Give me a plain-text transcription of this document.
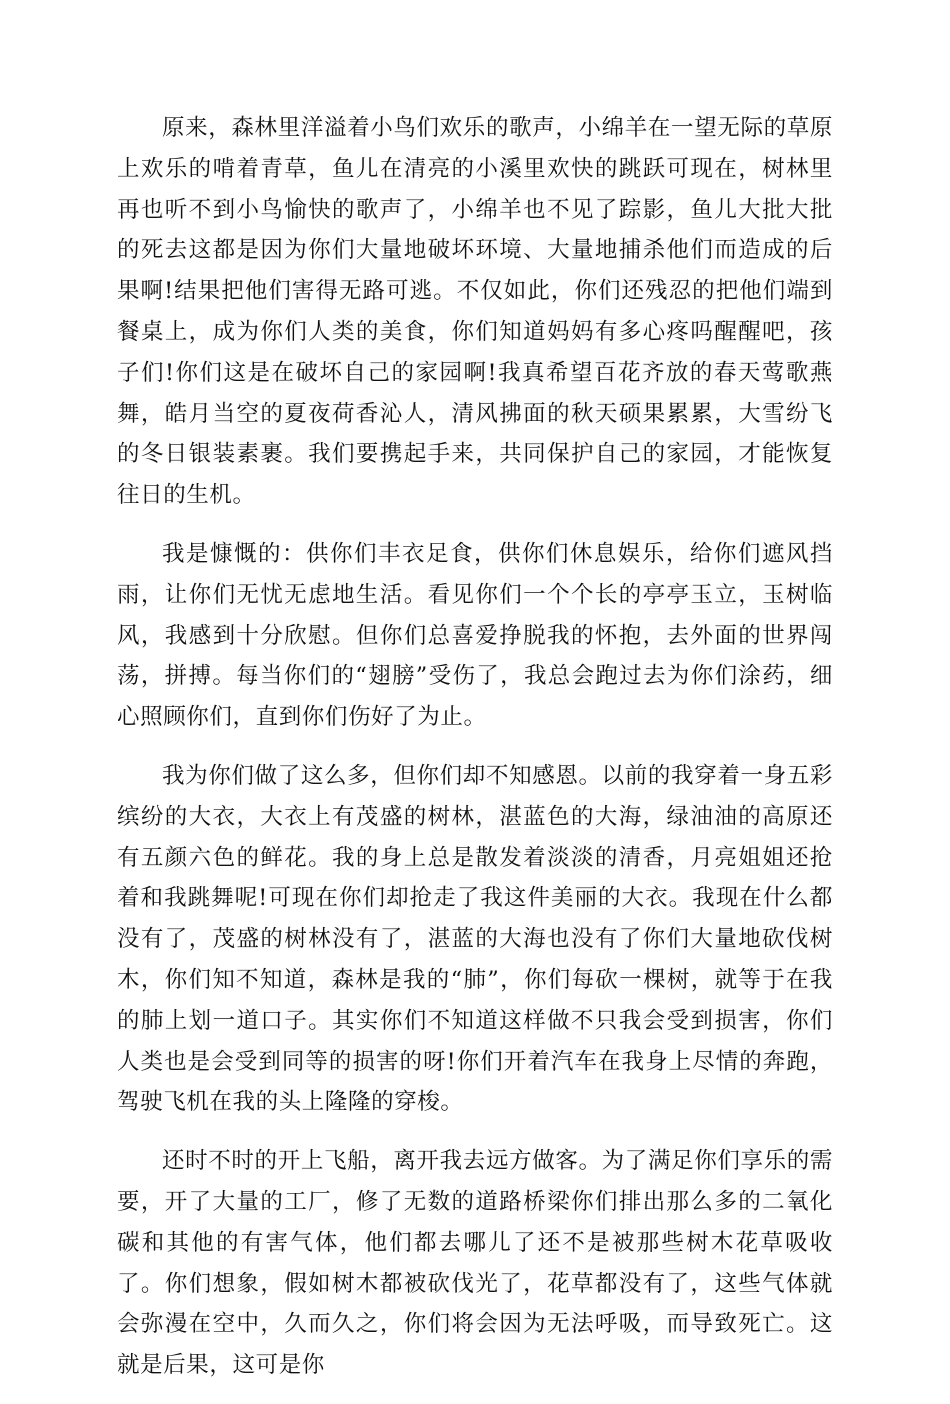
原来，森林里洋溢着小鸟们欢乐的歌声，小绵羊在一望无际的草原上欢乐的啃着青草，鱼儿在清亮的小溪里欢快的跳跃可现在，树林里再也听不到小鸟愉快的歌声了，小绵羊也不见了踪影，鱼儿大批大批的死去这都是因为你们大量地破坏环境、大量地捕杀他们而造成的后果啊!结果把他们害得无路可逃。不仅如此，你们还残忍的把他们端到餐桌上，成为你们人类的美食，你们知道妈妈有多心疼吗醒醒吧，孩子们!你们这是在破坏自己的家园啊!我真希望百花齐放的春天莺歌燕舞，皓月当空的夏夜荷香沁人，清风拂面的秋天硕果累累，大雪纷飞的冬日银装素裹。我们要携起手来，共同保护自己的家园，才能恢复往日的生机。

我是慷慨的：供你们丰衣足食，供你们休息娱乐，给你们遮风挡雨，让你们无忧无虑地生活。看见你们一个个长的亭亭玉立，玉树临风，我感到十分欣慰。但你们总喜爱挣脱我的怀抱，去外面的世界闯荡，拼搏。每当你们的“翅膀”受伤了，我总会跑过去为你们涂药，细心照顾你们，直到你们伤好了为止。

我为你们做了这么多，但你们却不知感恩。以前的我穿着一身五彩缤纷的大衣，大衣上有茂盛的树林，湛蓝色的大海，绿油油的高原还有五颜六色的鲜花。我的身上总是散发着淡淡的清香，月亮姐姐还抢着和我跳舞呢!可现在你们却抢走了我这件美丽的大衣。我现在什么都没有了，茂盛的树林没有了，湛蓝的大海也没有了你们大量地砍伐树木，你们知不知道，森林是我的“肺”，你们每砍一棵树，就等于在我的肺上划一道口子。其实你们不知道这样做不只我会受到损害，你们人类也是会受到同等的损害的呀!你们开着汽车在我身上尽情的奔跑，驾驶飞机在我的头上隆隆的穿梭。

还时不时的开上飞船，离开我去远方做客。为了满足你们享乐的需要，开了大量的工厂，修了无数的道路桥梁你们排出那么多的二氧化碳和其他的有害气体，他们都去哪儿了还不是被那些树木花草吸收了。你们想象，假如树木都被砍伐光了，花草都没有了，这些气体就会弥漫在空中，久而久之，你们将会因为无法呼吸，而导致死亡。这就是后果，这可是你
